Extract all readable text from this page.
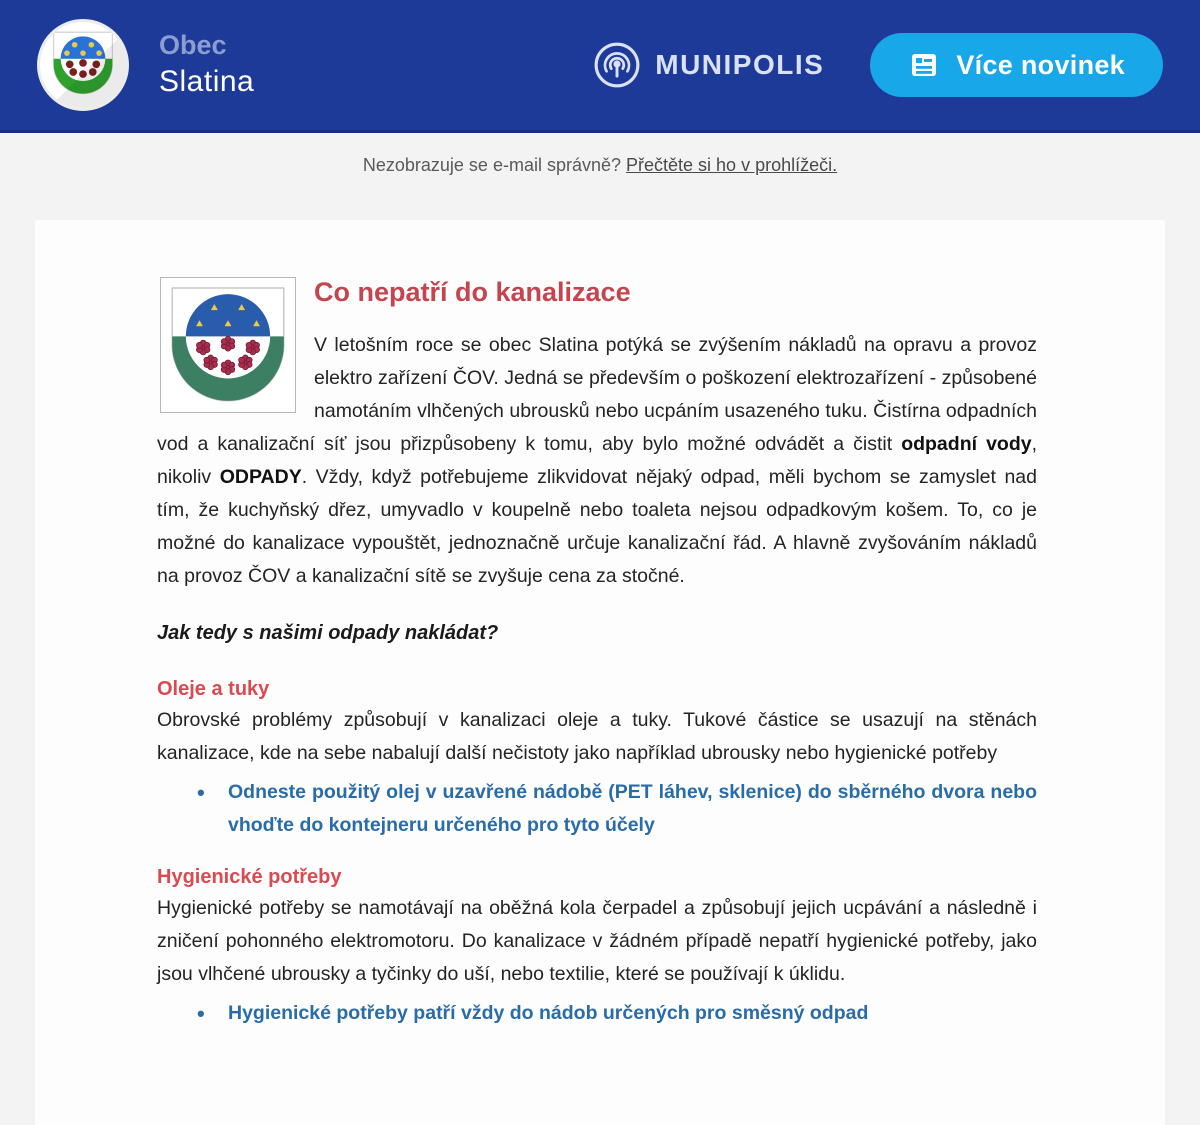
Obec
Slatina
MUNIPOLIS	Více novinek
Nezobrazuje se e-mail správně? Přečtěte si ho v prohlížeči.
Co nepatří do kanalizace

V letošním roce se obec Slatina potýká se zvýšením nákladů na opravu a provoz elektro zařízení ČOV. Jedná se především o poškození elektrozařízení - způsobené namotáním vlhčených ubrousků nebo ucpáním usazeného tuku. Čistírna odpadních vod a kanalizační síť jsou přizpůsobeny k tomu, aby bylo možné odvádět a čistit odpadní vody, nikoliv ODPADY. Vždy, když potřebujeme zlikvidovat nějaký odpad, měli bychom se zamyslet nad tím, že kuchyňský dřez, umyvadlo v koupelně nebo toaleta nejsou odpadkovým košem. To, co je možné do kanalizace vypouštět, jednoznačně určuje kanalizační řád. A hlavně zvyšováním nákladů na provoz ČOV a kanalizační sítě se zvyšuje cena za stočné.

Jak tedy s našimi odpady nakládat?
Oleje a tuky

Obrovské problémy způsobují v kanalizaci oleje a tuky. Tukové částice se usazují na stěnách kanalizace, kde na sebe nabalují další nečistoty jako například ubrousky nebo hygienické potřeby

• Odneste použitý olej v uzavřené nádobě (PET láhev, sklenice) do sběrného dvora nebo vhoďte do kontejneru určeného pro tyto účely
Hygienické potřeby

Hygienické potřeby se namotávají na oběžná kola čerpadel a způsobují jejich ucpávání a následně i zničení pohonného elektromotoru. Do kanalizace v žádném případě nepatří hygienické potřeby, jako jsou vlhčené ubrousky a tyčinky do uší, nebo textilie, které se používají k úklidu.

• Hygienické potřeby patří vždy do nádob určených pro směsný odpad
